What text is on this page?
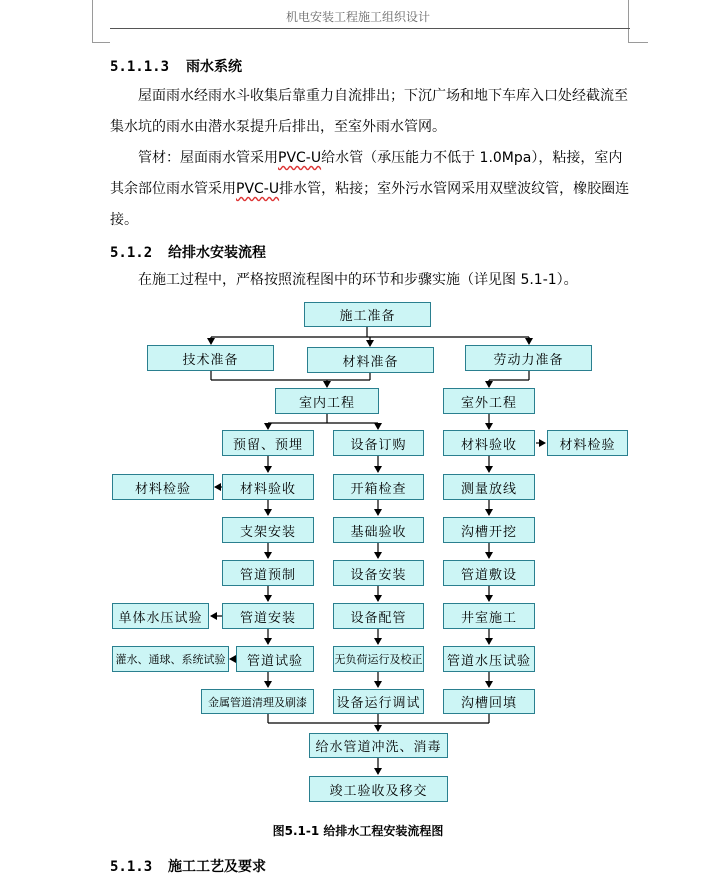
机电安装工程施工组织设计
5.1.1.3 雨水系统
屋面雨水经雨水斗收集后靠重力自流排出；下沉广场和地下车库入口处经截流至集水坑的雨水由潜水泵提升后排出，至室外雨水管网。
管材：屋面雨水管采用PVC-U给水管（承压能力不低于 1.0Mpa），粘接，室内其余部位雨水管采用PVC-U排水管，粘接；室外污水管网采用双壁波纹管，橡胶圈连接。
5.1.2 给排水安装流程
在施工过程中，严格按照流程图中的环节和步骤实施（详见图 5.1-1）。
施工准备
技术准备	材料准备	劳动力准备
室内工程	室外工程
预留、预埋
材料验收
支架安装
管道预制
管道安装
管道试验
金属管道清理及刷漆
材料检验
单体水压试验
灌水、通球、系统试验
设备订购
开箱检查
基础验收
设备安装
设备配管
无负荷运行及校正
设备运行调试
材料验收
测量放线
沟槽开挖
管道敷设
井室施工
管道水压试验
沟槽回填
材料检验
给水管道冲洗、消毒
竣工验收及移交
图5.1-1 给排水工程安装流程图
5.1.3 施工工艺及要求
